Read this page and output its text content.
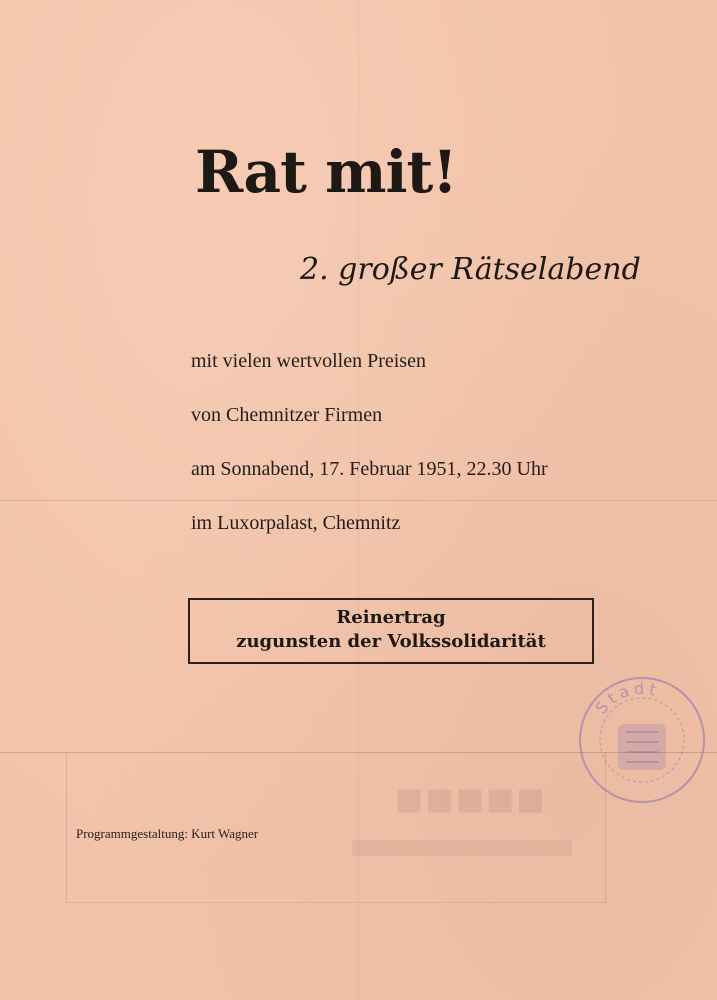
■■■■■
Rat mit!
2. großer Rätselabend
mit vielen wertvollen Preisen
von Chemnitzer Firmen
am Sonnabend, 17. Februar 1951, 22.30 Uhr
im Luxorpalast, Chemnitz
Reinertrag
zugunsten der Volkssolidarität
Stadt
Programmgestaltung: Kurt Wagner
